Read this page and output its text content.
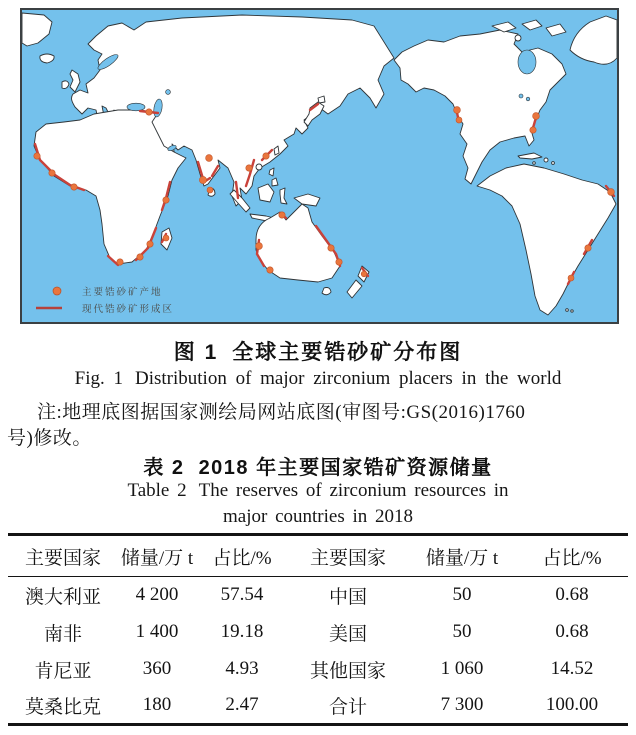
主要锆砂矿产地
现代锆砂矿形成区
图 1 全球主要锆砂矿分布图
Fig. 1 Distribution of major zirconium placers in the world
注:地理底图据国家测绘局网站底图(审图号:GS(2016)1760
号)修改。
表 2 2018 年主要国家锆矿资源储量
Table 2 The reserves of zirconium resources in
major countries in 2018
主要国家	储量/万 t	占比/%	主要国家	储量/万 t	占比/%
澳大利亚	4 200	57.54	中国	50	0.68
南非	1 400	19.18	美国	50	0.68
肯尼亚	360	4.93	其他国家	1 060	14.52
莫桑比克	180	2.47	合计	7 300	100.00
